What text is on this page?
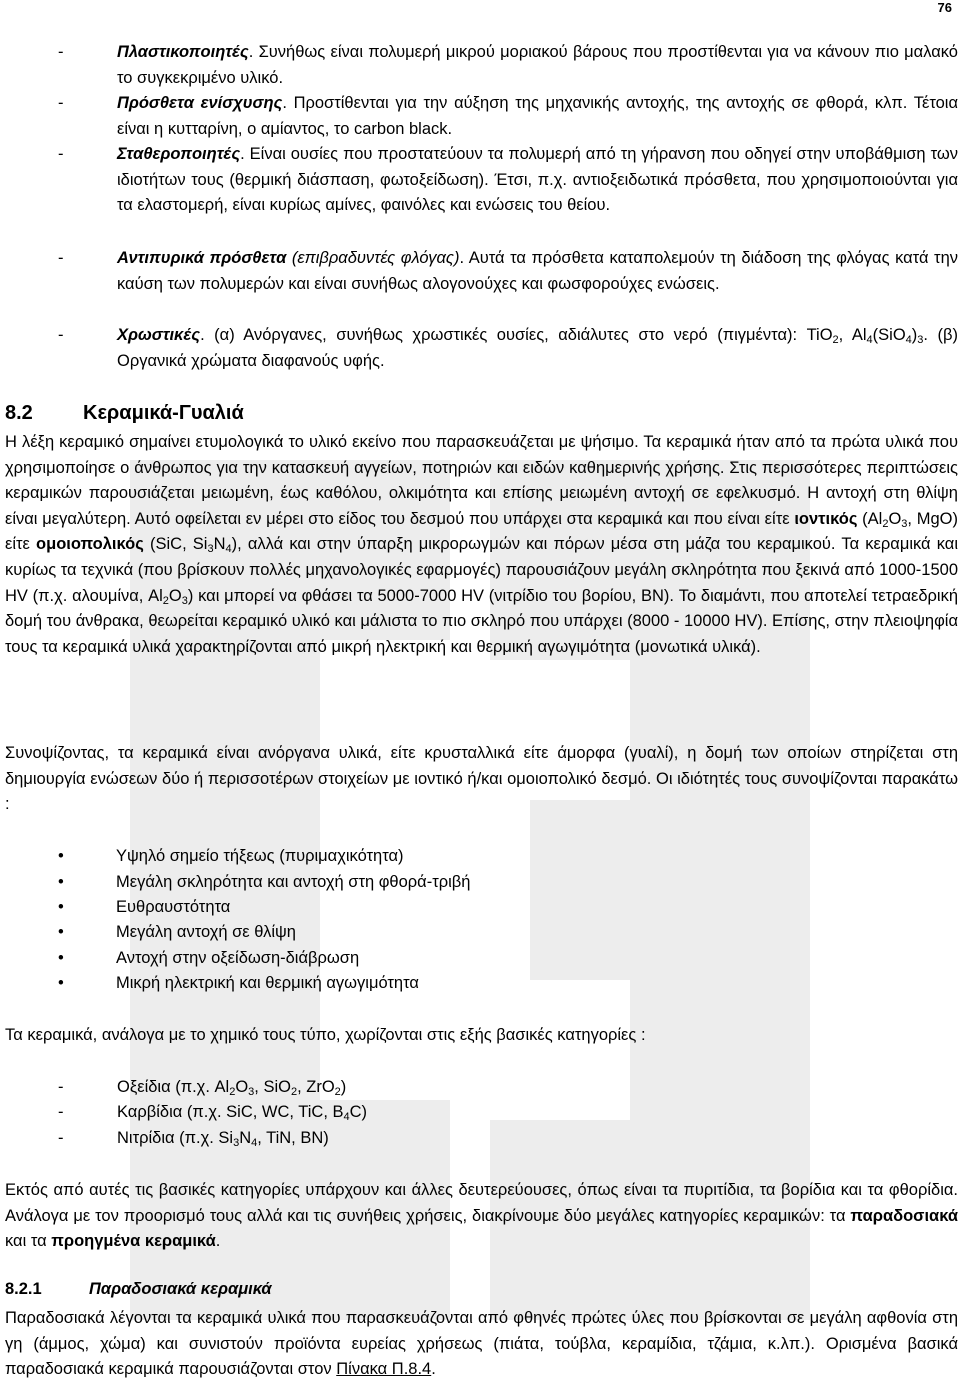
76
-	Πλαστικοποιητές. Συνήθως είναι πολυμερή μικρού μοριακού βάρους που προστίθενται για να κάνουν πιο μαλακό το συγκεκριμένο υλικό.
-	Πρόσθετα ενίσχυσης. Προστίθενται για την αύξηση της μηχανικής αντοχής, της αντοχής σε φθορά, κλπ. Τέτοια είναι η κυτταρίνη, ο αμίαντος, το carbon black.
-	Σταθεροποιητές. Είναι ουσίες που προστατεύουν τα πολυμερή από τη γήρανση που οδηγεί στην υποβάθμιση των ιδιοτήτων τους (θερμική διάσπαση, φωτοξείδωση). Έτσι, π.χ. αντιοξειδωτικά πρόσθετα, που χρησιμοποιούνται για τα ελαστομερή, είναι κυρίως αμίνες, φαινόλες και ενώσεις του θείου.
-	Αντιπυρικά πρόσθετα (επιβραδυντές φλόγας). Αυτά τα πρόσθετα καταπολεμούν τη διάδοση της φλόγας κατά την καύση των πολυμερών και είναι συνήθως αλογονούχες και φωσφορούχες ενώσεις.
-	Χρωστικές. (α) Ανόργανες, συνήθως χρωστικές ουσίες, αδιάλυτες στο νερό (πιγμέντα): TiO$_2$, $Al_4(SiO_4)_3$. (β) Οργανικά χρώματα διαφανούς υφής.
8.2	Κεραμικά-Γυαλιά
Η λέξη κεραμικό σημαίνει ετυμολογικά το υλικό εκείνο που παρασκευάζεται με ψήσιμο. Τα κεραμικά ήταν από τα πρώτα υλικά που χρησιμοποίησε ο άνθρωπος για την κατασκευή αγγείων, ποτηριών και ειδών καθημερινής χρήσης. Στις περισσότερες περιπτώσεις κεραμικών παρουσιάζεται μειωμένη, έως καθόλου, ολκιμότητα και επίσης μειωμένη αντοχή σε εφελκυσμό. Η αντοχή στη θλίψη είναι μεγαλύτερη. Αυτό οφείλεται εν μέρει στο είδος του δεσμού που υπάρχει στα κεραμικά και που είναι είτε ιοντικός ($Al_2O_3$, MgO) είτε ομοιοπολικός (SiC, $Si_3N_4$), αλλά και στην ύπαρξη μικρορωγμών και πόρων μέσα στη μάζα του κεραμικού. Τα κεραμικά και κυρίως τα τεχνικά (που βρίσκουν πολλές μηχανολογικές εφαρμογές) παρουσιάζουν μεγάλη σκληρότητα που ξεκινά από 1000-1500 HV (π.χ. αλουμίνα, $Al_2O_3$) και μπορεί να φθάσει τα 5000-7000 HV (νιτρίδιο του βορίου, BN). Το διαμάντι, που αποτελεί τετραεδρική δομή του άνθρακα, θεωρείται κεραμικό υλικό και μάλιστα το πιο σκληρό που υπάρχει (8000 - 10000 HV). Επίσης, στην πλειοψηφία τους τα κεραμικά υλικά χαρακτηρίζονται από μικρή ηλεκτρική και θερμική αγωγιμότητα (μονωτικά υλικά).
Συνοψίζοντας, τα κεραμικά είναι ανόργανα υλικά, είτε κρυσταλλικά είτε άμορφα (γυαλί), η δομή των οποίων στηρίζεται στη δημιουργία ενώσεων δύο ή περισσοτέρων στοιχείων με ιοντικό ή/και ομοιοπολικό δεσμό. Οι ιδιότητές τους συνοψίζονται παρακάτω :
•	Υψηλό σημείο τήξεως (πυριμαχικότητα)
•	Μεγάλη σκληρότητα και αντοχή στη φθορά-τριβή
•	Ευθραυστότητα
•	Μεγάλη αντοχή σε θλίψη
•	Αντοχή στην οξείδωση-διάβρωση
•	Μικρή ηλεκτρική και θερμική αγωγιμότητα
Τα κεραμικά, ανάλογα με το χημικό τους τύπο, χωρίζονται στις εξής βασικές κατηγορίες :
-	Οξείδια (π.χ. $Al_2O_3$, SiO$_2$, ZrO$_2$)
-	Καρβίδια (π.χ. SiC, WC, TiC, $B_4C$)
-	Νιτρίδια (π.χ. $Si_3N_4$, TiN, BN)
Εκτός από αυτές τις βασικές κατηγορίες υπάρχουν και άλλες δευτερεύουσες, όπως είναι τα πυριτίδια, τα βορίδια και τα φθορίδια. Ανάλογα με τον προορισμό τους αλλά και τις συνήθεις χρήσεις, διακρίνουμε δύο μεγάλες κατηγορίες κεραμικών: τα παραδοσιακά και τα προηγμένα κεραμικά.
8.2.1	Παραδοσιακά κεραμικά
Παραδοσιακά λέγονται τα κεραμικά υλικά που παρασκευάζονται από φθηνές πρώτες ύλες που βρίσκονται σε μεγάλη αφθονία στη γη (άμμος, χώμα) και συνιστούν προϊόντα ευρείας χρήσεως (πιάτα, τούβλα, κεραμίδια, τζάμια, κ.λπ.). Ορισμένα βασικά παραδοσιακά κεραμικά παρουσιάζονται στον Πίνακα Π.8.4.
